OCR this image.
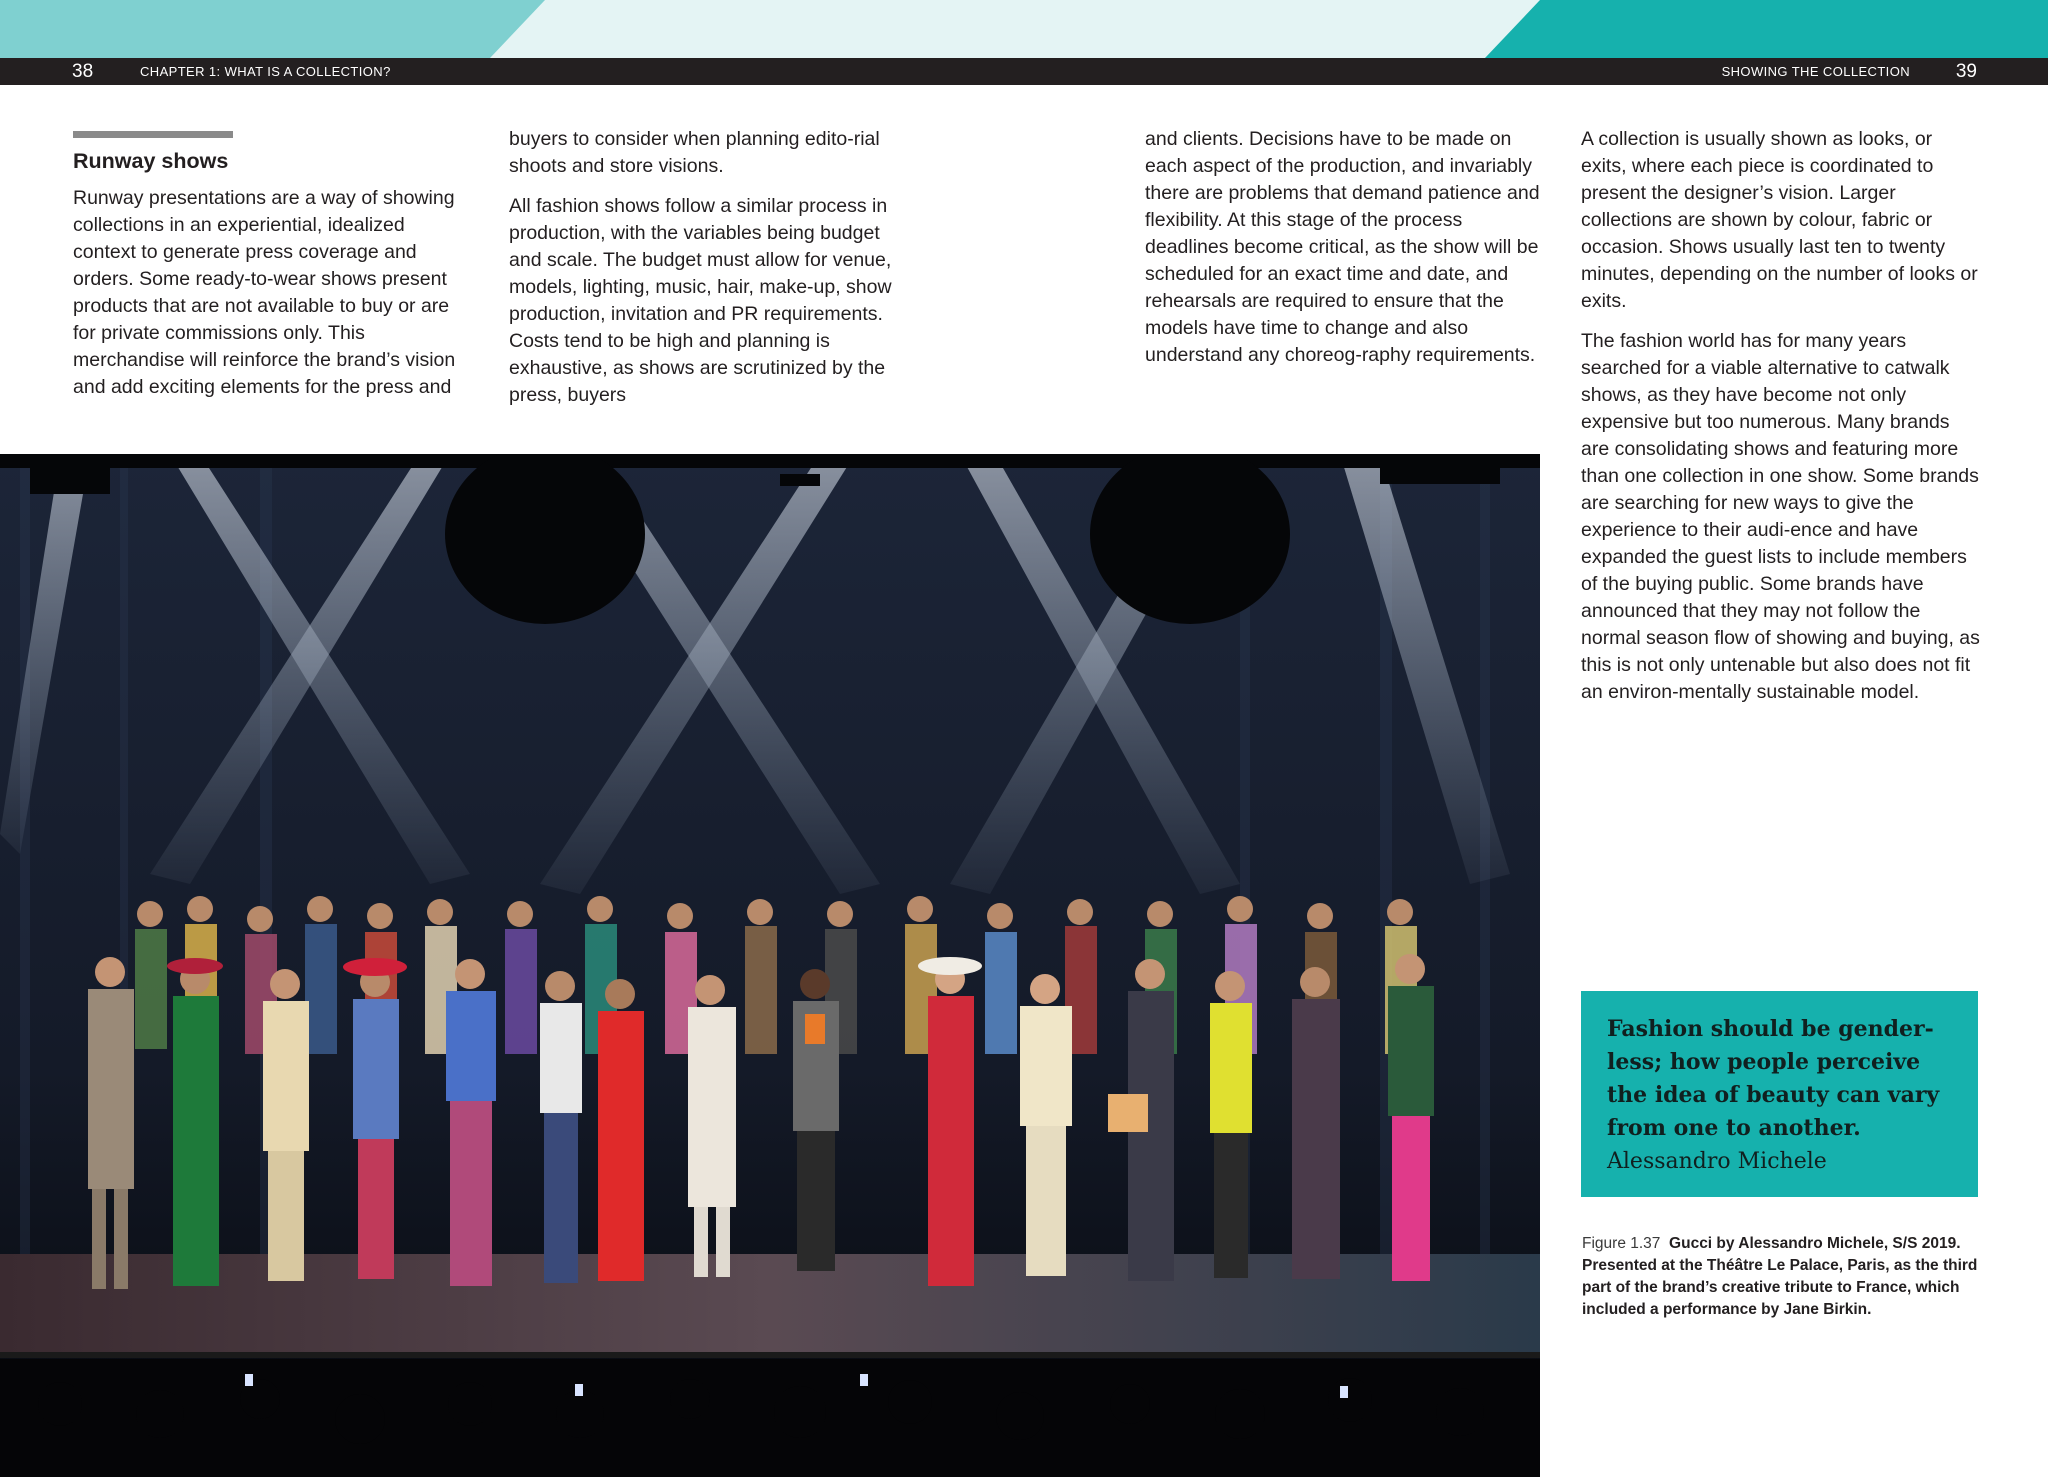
38	CHAPTER 1: WHAT IS A COLLECTION?	SHOWING THE COLLECTION 39
Runway shows

Runway presentations are a way of showing collections in an experiential, idealized context to generate press coverage and orders. Some ready-to-wear shows present products that are not available to buy or are for private commissions only. This merchandise will reinforce the brand’s vision and add exciting elements for the press and

buyers to consider when planning edito-rial shoots and store visions.

All fashion shows follow a similar process in production, with the variables being budget and scale. The budget must allow for venue, models, lighting, music, hair, make-up, show production, invitation and PR requirements. Costs tend to be high and planning is exhaustive, as shows are scrutinized by the press, buyers

and clients. Decisions have to be made on each aspect of the production, and invariably there are problems that demand patience and flexibility. At this stage of the process deadlines become critical, as the show will be scheduled for an exact time and date, and rehearsals are required to ensure that the models have time to change and also understand any choreog-raphy requirements.

A collection is usually shown as looks, or exits, where each piece is coordinated to present the designer’s vision. Larger collections are shown by colour, fabric or occasion. Shows usually last ten to twenty minutes, depending on the number of looks or exits.

The fashion world has for many years searched for a viable alternative to catwalk shows, as they have become not only expensive but too numerous. Many brands are consolidating shows and featuring more than one collection in one show. Some brands are searching for new ways to give the experience to their audi-ence and have expanded the guest lists to include members of the buying public. Some brands have announced that they may not follow the normal season flow of showing and buying, as this is not only untenable but also does not fit an environ-mentally sustainable model.

Fashion should be gender-less; how people perceive the idea of beauty can vary from one to another.
Alessandro Michele
Figure 1.37 Gucci by Alessandro Michele, S/S 2019. Presented at the Théâtre Le Palace, Paris, as the third part of the brand’s creative tribute to France, which included a performance by Jane Birkin.
